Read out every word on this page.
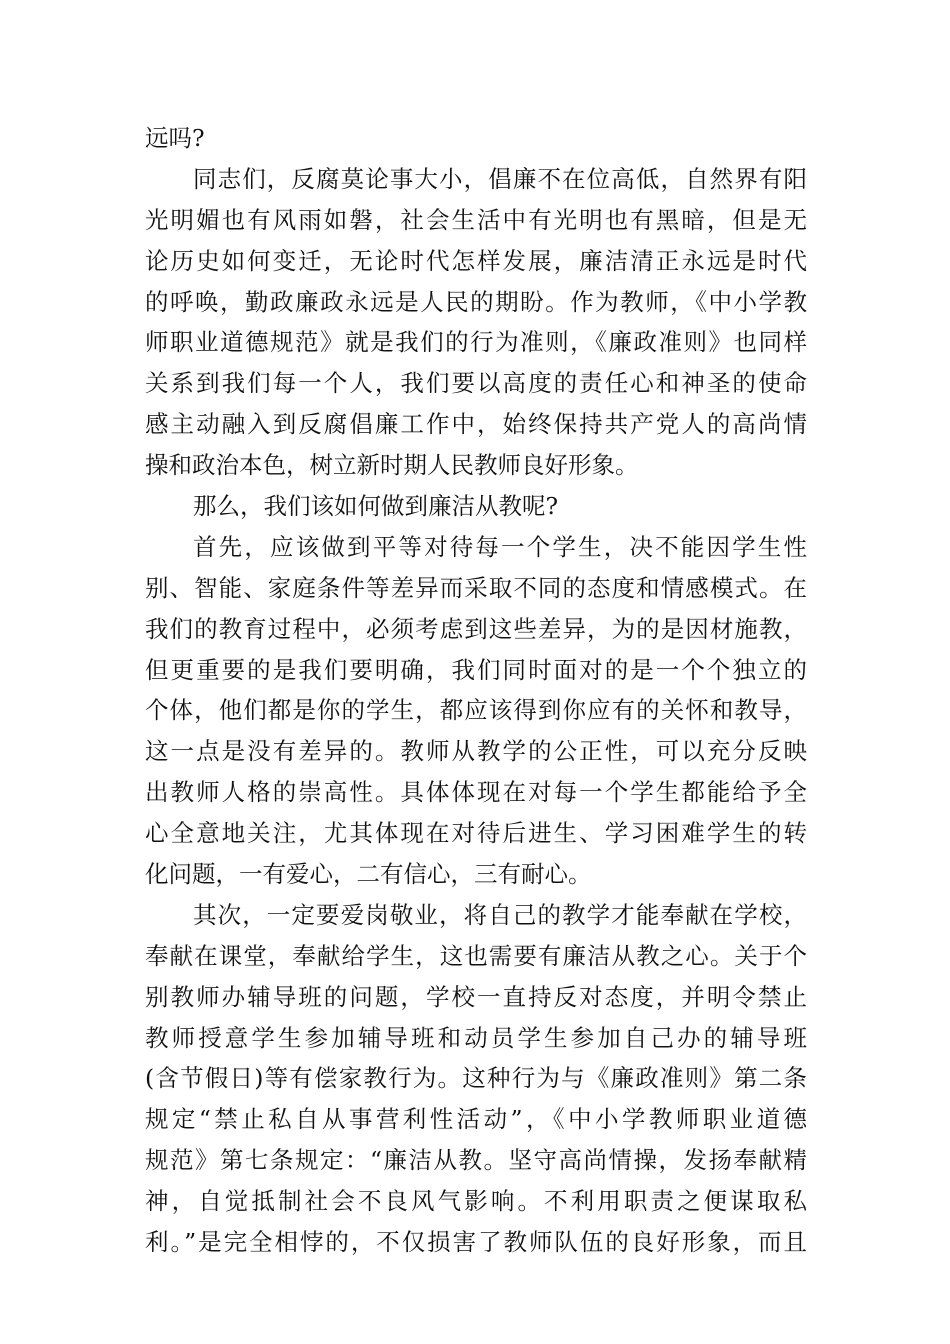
远吗?
同志们，反腐莫论事大小，倡廉不在位高低，自然界有阳
光明媚也有风雨如磐，社会生活中有光明也有黑暗，但是无
论历史如何变迁，无论时代怎样发展，廉洁清正永远是时代
的呼唤，勤政廉政永远是人民的期盼。作为教师，《中小学教
师职业道德规范》就是我们的行为准则，《廉政准则》也同样
关系到我们每一个人，我们要以高度的责任心和神圣的使命
感主动融入到反腐倡廉工作中，始终保持共产党人的高尚情
操和政治本色，树立新时期人民教师良好形象。
那么，我们该如何做到廉洁从教呢?
首先，应该做到平等对待每一个学生，决不能因学生性
别、智能、家庭条件等差异而采取不同的态度和情感模式。在
我们的教育过程中，必须考虑到这些差异，为的是因材施教，
但更重要的是我们要明确，我们同时面对的是一个个独立的
个体，他们都是你的学生，都应该得到你应有的关怀和教导，
这一点是没有差异的。教师从教学的公正性，可以充分反映
出教师人格的崇高性。具体体现在对每一个学生都能给予全
心全意地关注，尤其体现在对待后进生、学习困难学生的转
化问题，一有爱心，二有信心，三有耐心。
其次，一定要爱岗敬业，将自己的教学才能奉献在学校，
奉献在课堂，奉献给学生，这也需要有廉洁从教之心。关于个
别教师办辅导班的问题，学校一直持反对态度，并明令禁止
教师授意学生参加辅导班和动员学生参加自己办的辅导班
(含节假日)等有偿家教行为。这种行为与《廉政准则》第二条
规定“禁止私自从事营利性活动”，《中小学教师职业道德
规范》第七条规定：“廉洁从教。坚守高尚情操，发扬奉献精
神，自觉抵制社会不良风气影响。不利用职责之便谋取私
利。”是完全相悖的，不仅损害了教师队伍的良好形象，而且
